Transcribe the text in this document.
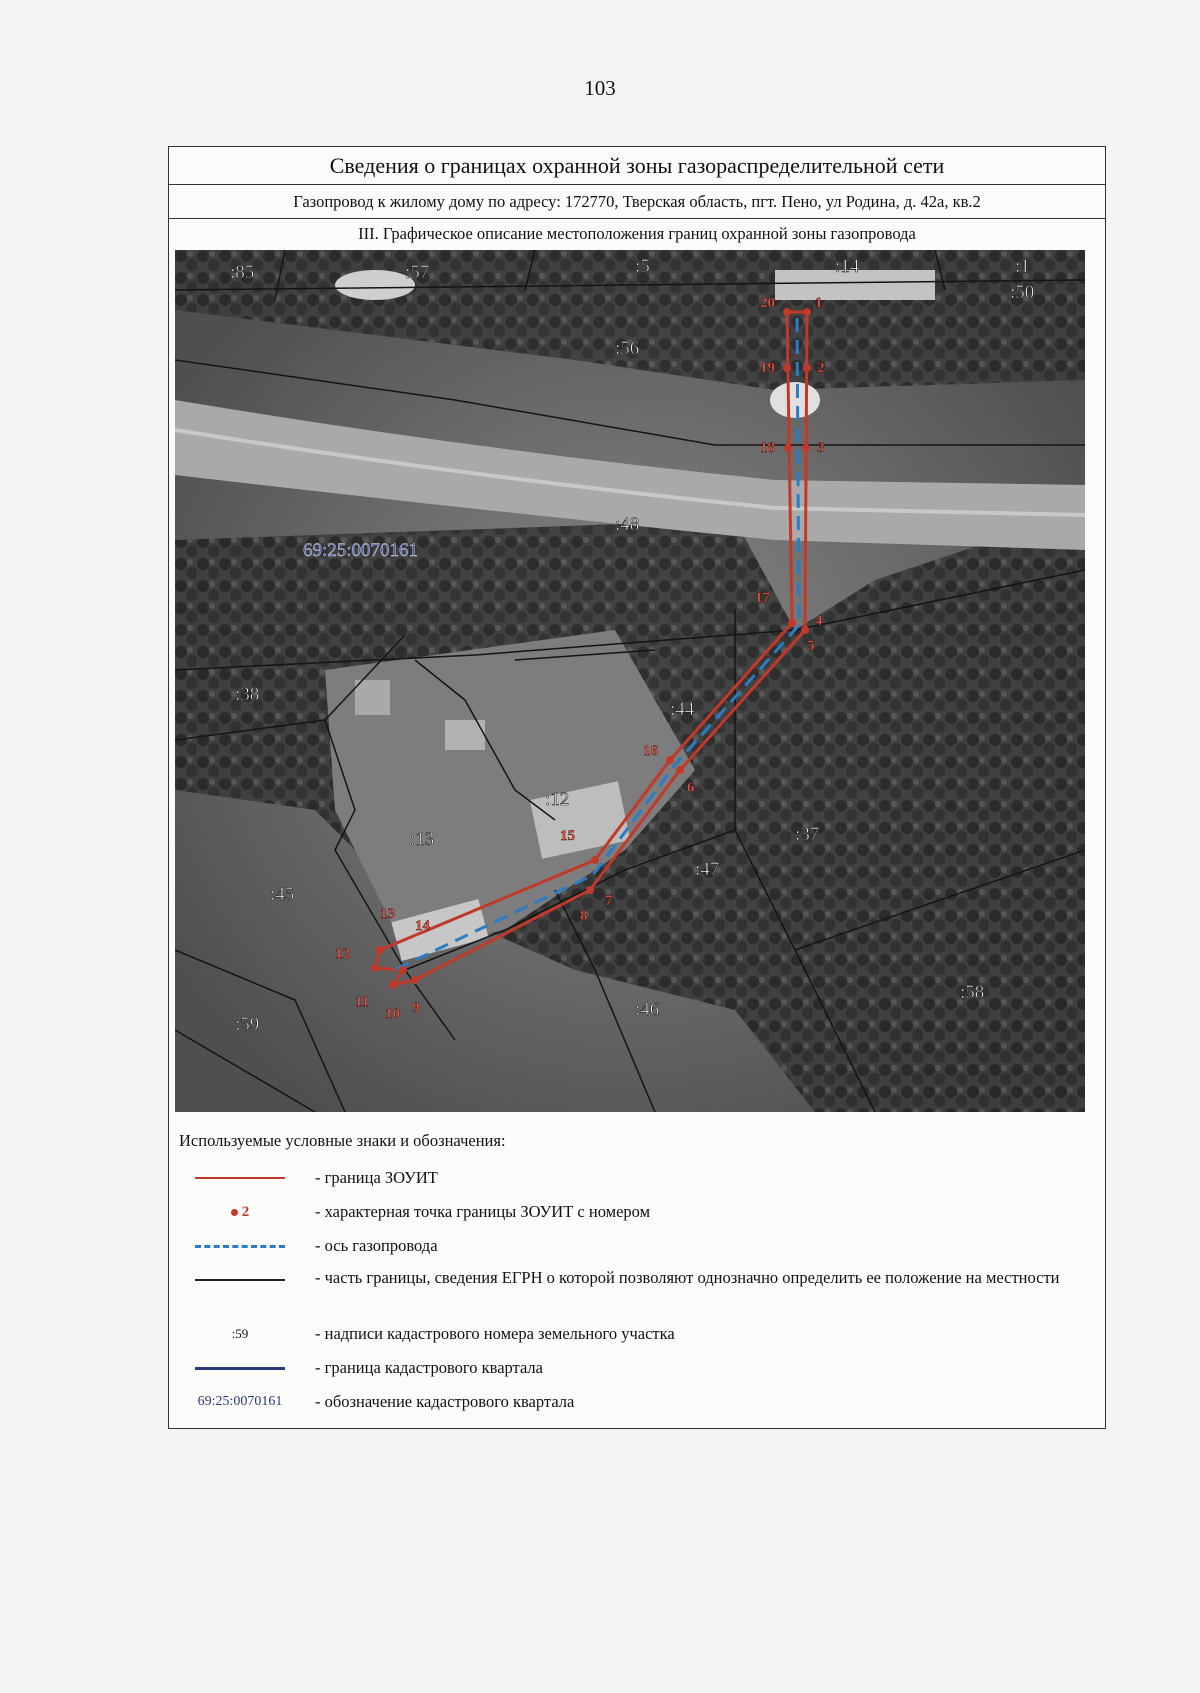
103
Сведения о границах охранной зоны газораспределительной сети
Газопровод к жилому дому по адресу: 172770, Тверская область, пгт. Пено, ул Родина, д. 42а, кв.2
III. Графическое описание местоположения границ охранной зоны газопровода
:85	:57	:5	:14	:1
:50
:56
:48
:38
:44
:12
:13	:37
:47
:45
:59
:46
:58
69:25:0070161
1
2
3
4
5
6
7
8
9
10
11
12
13
14
15
16
17
18
19
20
Используемые условные знаки и обозначения:
- граница ЗОУИТ
2	- характерная точка границы ЗОУИТ с номером
- ось газопровода
- часть границы, сведения ЕГРН о которой позволяют однозначно определить ее положение на местности
:59	- надписи кадастрового номера земельного участка
- граница кадастрового квартала
69:25:0070161	- обозначение кадастрового квартала
